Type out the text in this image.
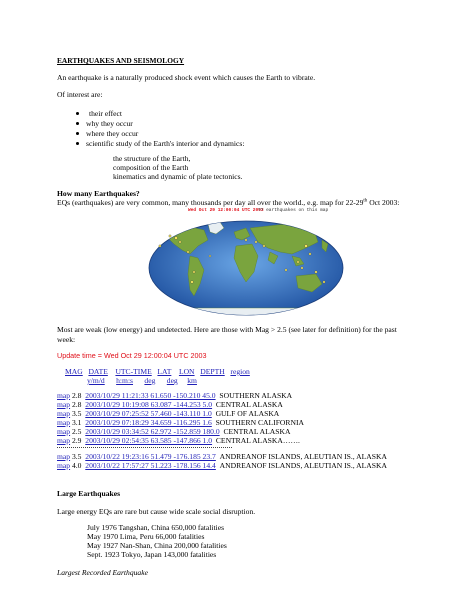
EARTHQUAKES AND SEISMOLOGY
An earthquake is a naturally produced shock event which causes the Earth to vibrate.
Of interest are:
their effect
why they occur
where they occur
scientific study of the Earth's interior and dynamics:
the structure of the Earth,
composition of the Earth
kinematics and dynamic of plate tectonics.
How many Earthquakes?
EQs (earthquakes) are very common, many thousands per day all over the world., e.g. map for 22-29th Oct 2003:
Wed Oct 29 12:00:04 UTC 2003
?? earthquakes on this map
Most are weak (low energy) and undetected. Here are those with Mag > 2.5 (see later for definition) for the past
week:
Update time = Wed Oct 29 12:00:04 UTC 2003
MAG DATE UTC-TIME LAT LON DEPTH region
y/m/d h:m:s deg deg km
map 2.8 2003/10/29 11:21:33 61.650 -150.210 45.0 SOUTHERN ALASKA
map 2.8 2003/10/29 10:19:08 63.087 -144.253 5.0 CENTRAL ALASKA
map 3.5 2003/10/29 07:25:52 57.460 -143.110 1.0 GULF OF ALASKA
map 3.1 2003/10/29 07:18:29 34.659 -116.295 1.6 SOUTHERN CALIFORNIA
map 2.5 2003/10/29 03:34:52 62.972 -152.859 180.0 CENTRAL ALASKA
map 2.9 2003/10/29 02:54:35 63.585 -147.866 1.0 CENTRAL ALASKA…….
map 3.5 2003/10/22 19:23:16 51.479 -176.185 23.7 ANDREANOF ISLANDS, ALEUTIAN IS., ALASKA
map 4.0 2003/10/22 17:57:27 51.223 -178.156 14.4 ANDREANOF ISLANDS, ALEUTIAN IS., ALASKA
Large Earthquakes
Large energy EQs are rare but cause wide scale social disruption.
July 1976 Tangshan, China 650,000 fatalities
May 1970 Lima, Peru 66,000 fatalities
May 1927 Nan-Shan, China 200,000 fatalities
Sept. 1923 Tokyo, Japan 143,000 fatalities
Largest Recorded Earthquake
